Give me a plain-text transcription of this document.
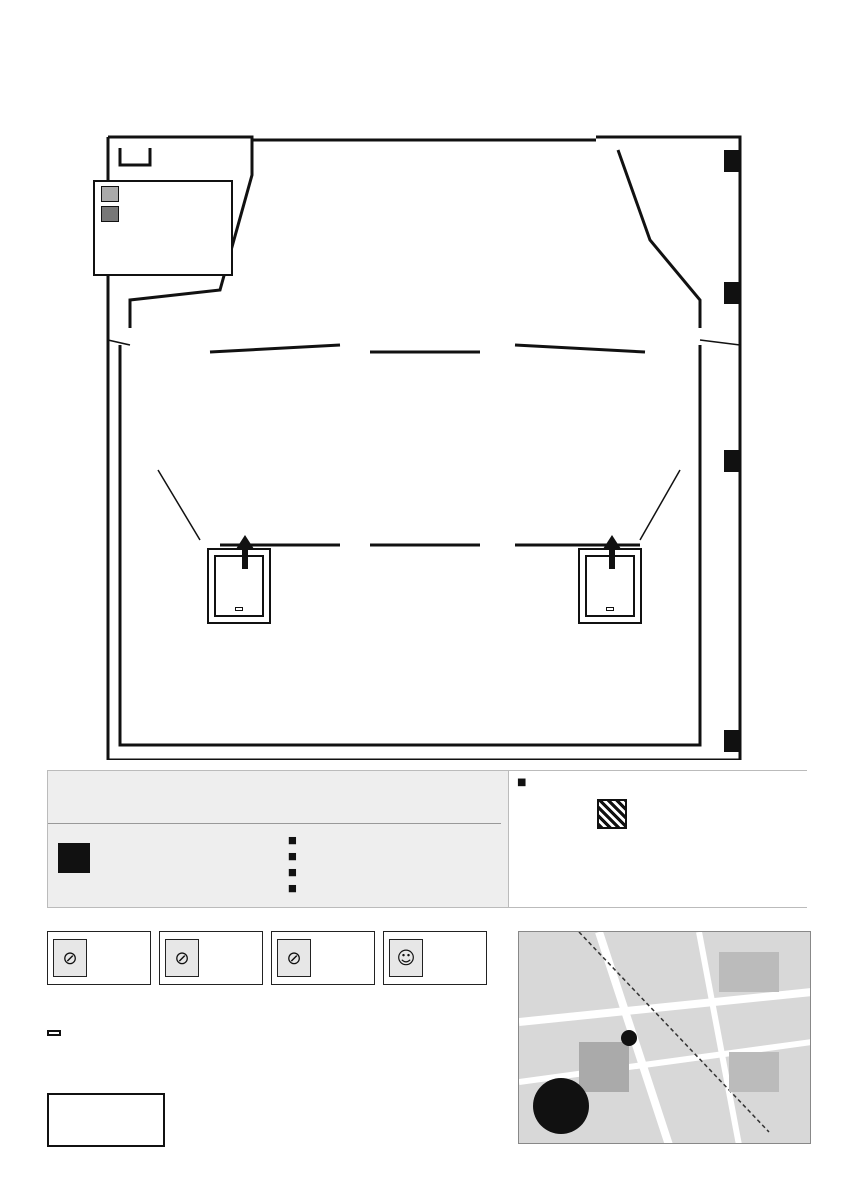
■
■
■
■
■
⊘	⊘	⊘	☺
